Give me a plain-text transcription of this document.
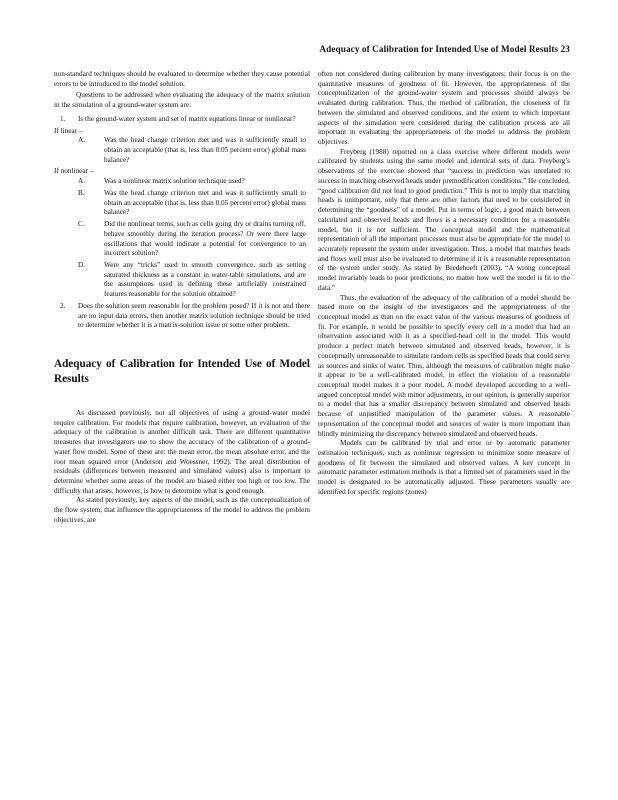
Adequacy of Calibration for Intended Use of Model Results 23

non-standard techniques should be evaluated to determine whether they cause potential errors to be introduced to the model solution.

Questions to be addressed when evaluating the adequacy of the matrix solution in the simulation of a ground-water system are:

1. Is the ground-water system and set of matrix equations linear or nonlinear?

If linear –

A.	Was the head change criterion met and was it sufficiently small to obtain an acceptable (that is, less than 0.05 percent error) global mass balance?

If nonlinear –

A.	Was a nonlinear matrix solution technique used?
B.	Was the head change criterion met and was it sufficiently small to obtain an acceptable (that is, less than 0.05 percent error) global mass balance?
C.	Did the nonlinear terms, such as cells going dry or drains turning off, behave smoothly during the iteration process? Or were there large oscillations that would indicate a potential for convergence to an incorrect solution?
D.	Were any “tricks” used to smooth convergence, such as setting saturated thickness as a constant in water-table simulations, and are the assumptions used in defining these artificially constrained features reasonable for the solution obtained?
2. Does the solution seem reasonable for the problem posed? If it is not and there are no input data errors, then another matrix solution technique should be tried to determine whether it is a matrix-solution issue or some other problem.
Adequacy of Calibration for Intended Use of Model Results

As discussed previously, not all objectives of using a ground-water model require calibration. For models that require calibration, however, an evaluation of the adequacy of the calibration is another difficult task. There are different quantitative measures that investigators use to show the accuracy of the calibration of a ground-water flow model. Some of these are: the mean error, the mean absolute error, and the root mean squared error (Anderson and Woessner, 1992). The areal distribution of residuals (differences between measured and simulated values) also is important to determine whether some areas of the model are biased either too high or too low. The difficulty that arises, however, is how to determine what is good enough.

As stated previously, key aspects of the model, such as the conceptualization of the flow system, that influence the appropriateness of the model to address the problem objectives, are

often not considered during calibration by many investigators; their focus is on the quantitative measures of goodness of fit. However, the appropriateness of the conceptualization of the ground-water system and processes should always be evaluated during calibration. Thus, the method of calibration, the closeness of fit between the simulated and observed conditions, and the extent to which important aspects of the simulation were considered during the calibration process are all important in evaluating the appropriateness of the model to address the problem objectives.

Freyberg (1988) reported on a class exercise where different models were calibrated by students using the same model and identical sets of data. Freyberg’s observations of the exercise showed that “success in prediction was unrelated to success in matching observed heads under premodification conditions.” He concluded, “good calibration did not lead to good prediction.” This is not to imply that matching heads is unimportant, only that there are other factors that need to be considered in determining the “goodness” of a model. Put in terms of logic, a good match between calculated and observed heads and flows is a necessary condition for a reasonable model, but it is not sufficient. The conceptual model and the mathematical representation of all the important processes must also be appropriate for the model to accurately represent the system under investigation. Thus, a model that matches heads and flows well must also be evaluated to determine if it is a reasonable representation of the system under study. As stated by Bredehoeft (2003), “A wrong conceptual model invariably leads to poor predictions, no matter how well the model is fit to the data.”

Thus, the evaluation of the adequacy of the calibration of a model should be based more on the insight of the investigators and the appropriateness of the conceptual model as than on the exact value of the various measures of goodness of fit. For example, it would be possible to specify every cell in a model that had an observation associated with it as a specified-head cell in the model. This would produce a perfect match between simulated and observed heads, however, it is conceptually unreasonable to simulate random cells as specified heads that could serve as sources and sinks of water. Thus, although the measures of calibration might make it appear to be a well-calibrated model, in effect the violation of a reasonable conceptual model makes it a poor model. A model developed according to a well-argued conceptual model with minor adjustments, in our opinion, is generally superior to a model that has a smaller discrepancy between simulated and observed heads because of unjustified manipulation of the parameter values. A reasonable representation of the conceptual model and sources of water is more important than blindly minimizing the discrepancy between simulated and observed heads.

Models can be calibrated by trial and error or by automatic parameter estimation techniques, such as nonlinear regression to minimize some measure of goodness of fit between the simulated and observed values. A key concept in automatic parameter estimation methods is that a limited set of parameters used in the model is designated to be automatically adjusted. These parameters usually are identified for specific regions (zones)
